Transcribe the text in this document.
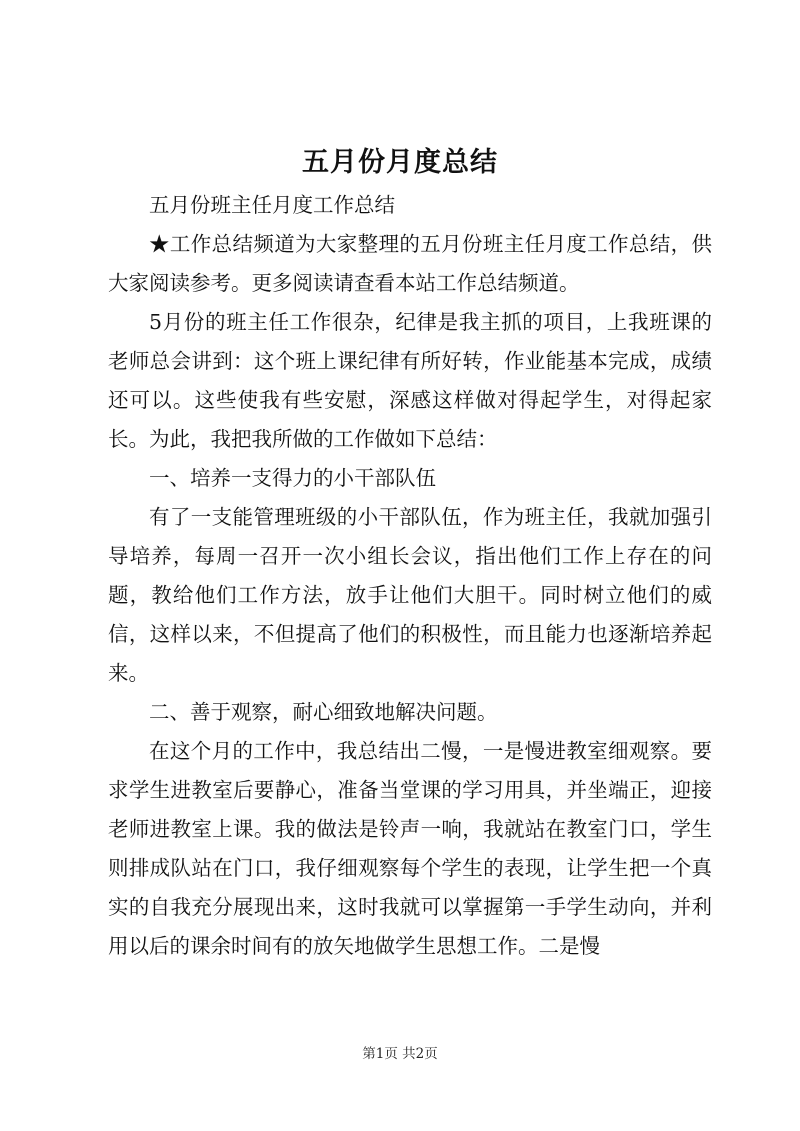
五月份月度总结

五月份班主任月度工作总结

★工作总结频道为大家整理的五月份班主任月度工作总结，供大家阅读参考。更多阅读请查看本站工作总结频道。

5月份的班主任工作很杂，纪律是我主抓的项目，上我班课的老师总会讲到：这个班上课纪律有所好转，作业能基本完成，成绩还可以。这些使我有些安慰，深感这样做对得起学生，对得起家长。为此，我把我所做的工作做如下总结：

一、培养一支得力的小干部队伍

有了一支能管理班级的小干部队伍，作为班主任，我就加强引导培养，每周一召开一次小组长会议，指出他们工作上存在的问题，教给他们工作方法，放手让他们大胆干。同时树立他们的威信，这样以来，不但提高了他们的积极性，而且能力也逐渐培养起来。

二、善于观察，耐心细致地解决问题。

在这个月的工作中，我总结出二慢，一是慢进教室细观察。要求学生进教室后要静心，准备当堂课的学习用具，并坐端正，迎接老师进教室上课。我的做法是铃声一响，我就站在教室门口，学生则排成队站在门口，我仔细观察每个学生的表现，让学生把一个真实的自我充分展现出来，这时我就可以掌握第一手学生动向，并利用以后的课余时间有的放矢地做学生思想工作。二是慢

第1页 共2页
